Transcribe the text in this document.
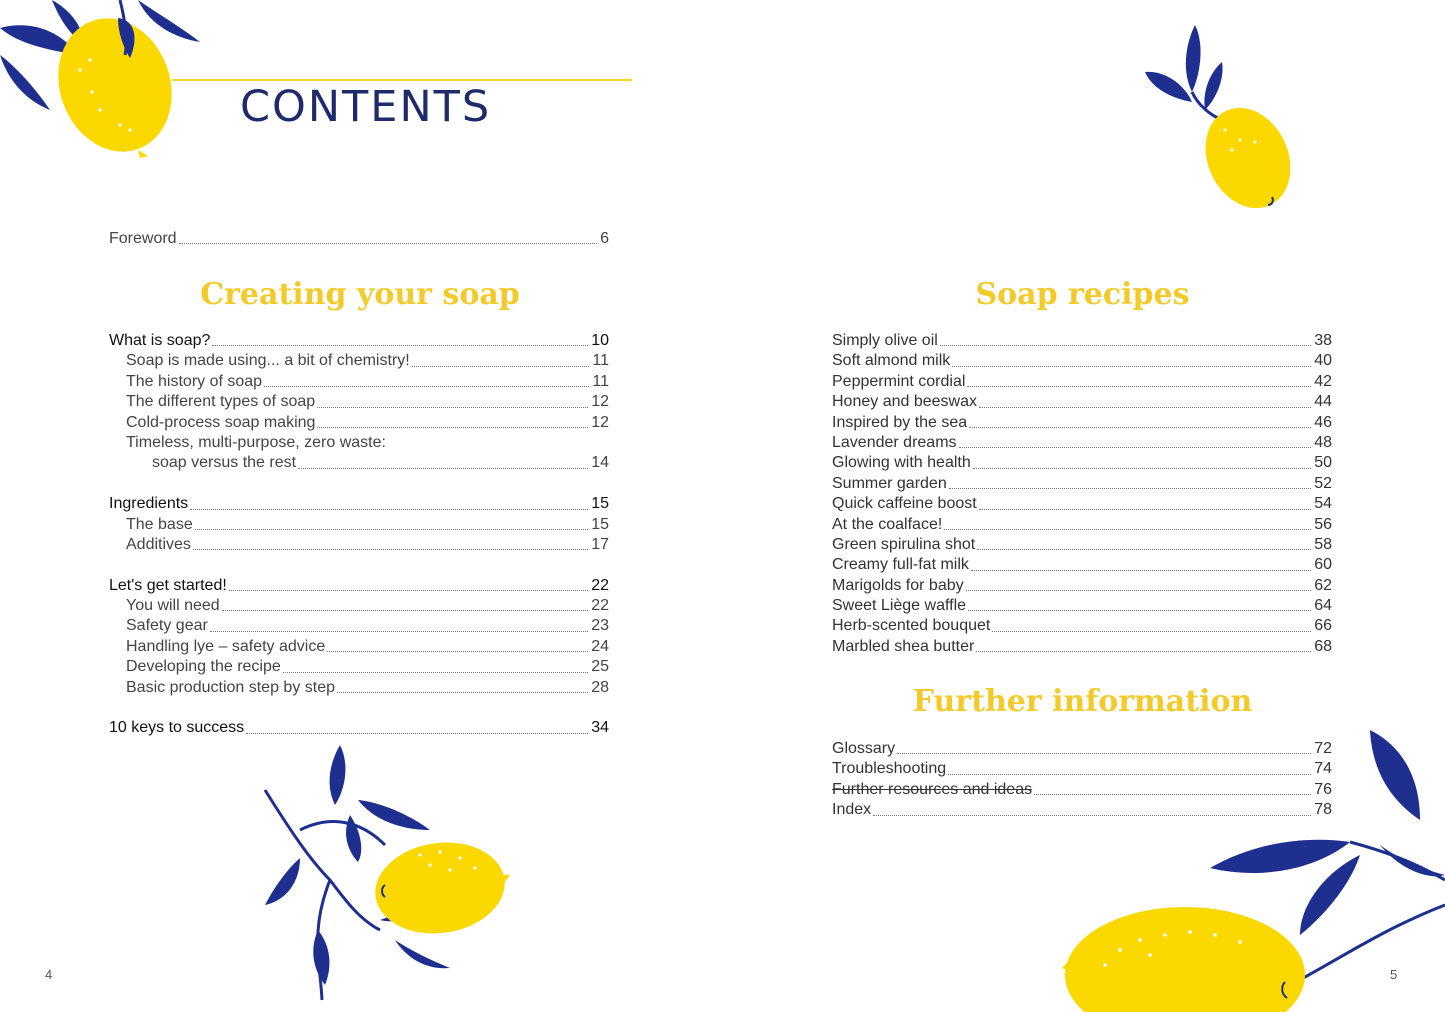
CONTENTS
Foreword	6
Creating your soap
What is soap?	10
Soap is made using... a bit of chemistry!	11
The history of soap	11
The different types of soap	12
Cold-process soap making	12
Timeless, multi-purpose, zero waste:
soap versus the rest	14
Ingredients	15
The base	15
Additives	17
Let's get started!	22
You will need	22
Safety gear	23
Handling lye – safety advice	24
Developing the recipe	25
Basic production step by step	28
10 keys to success	34
Soap recipes
Simply olive oil	38
Soft almond milk	40
Peppermint cordial	42
Honey and beeswax	44
Inspired by the sea	46
Lavender dreams	48
Glowing with health	50
Summer garden	52
Quick caffeine boost	54
At the coalface!	56
Green spirulina shot	58
Creamy full-fat milk	60
Marigolds for baby	62
Sweet Liège waffle	64
Herb-scented bouquet	66
Marbled shea butter	68
Further information
Glossary	72
Troubleshooting	74
Further resources and ideas	76
Index	78
4	5
